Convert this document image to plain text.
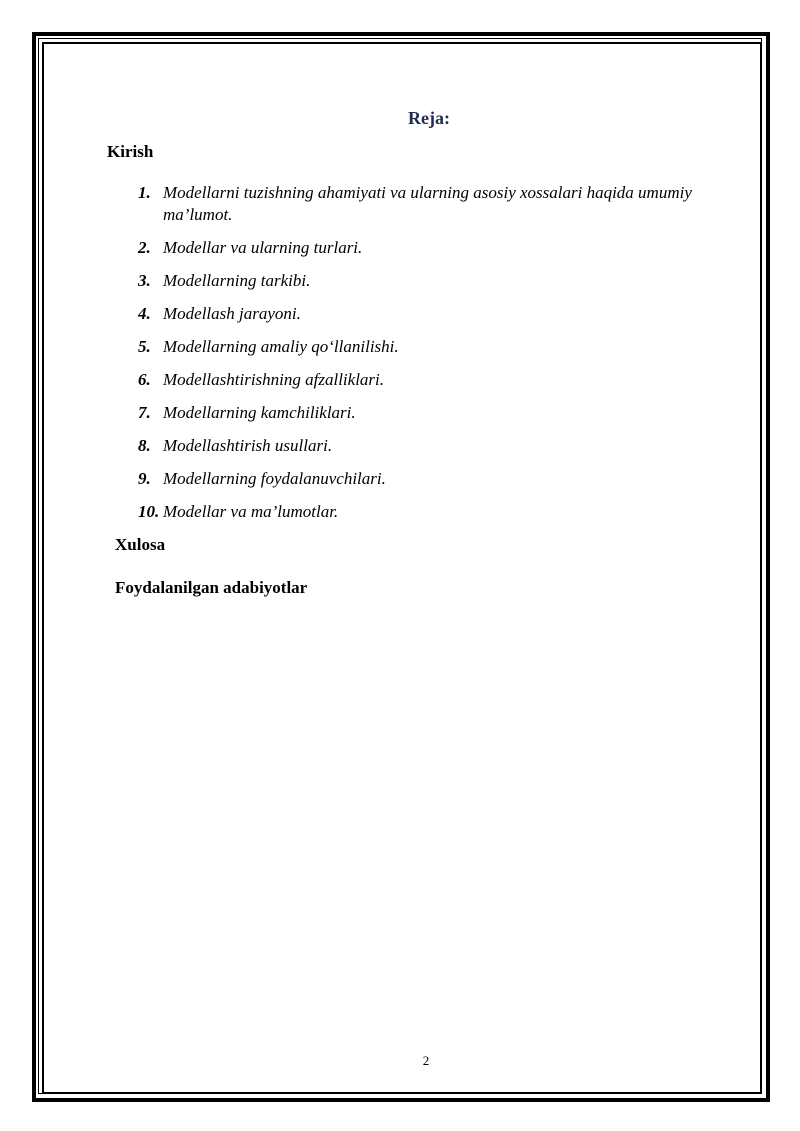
Reja:
Kirish
1. Modellarni tuzishning ahamiyati va ularning asosiy xossalari haqida umumiy ma’lumot.
2. Modellar va ularning turlari.
3. Modellarning tarkibi.
4. Modellash jarayoni.
5. Modellarning amaliy qo‘llanilishi.
6. Modellashtirishning afzalliklari.
7. Modellarning kamchiliklari.
8. Modellashtirish usullari.
9. Modellarning foydalanuvchilari.
10. Modellar va ma’lumotlar.
Xulosa
Foydalanilgan adabiyotlar
2
